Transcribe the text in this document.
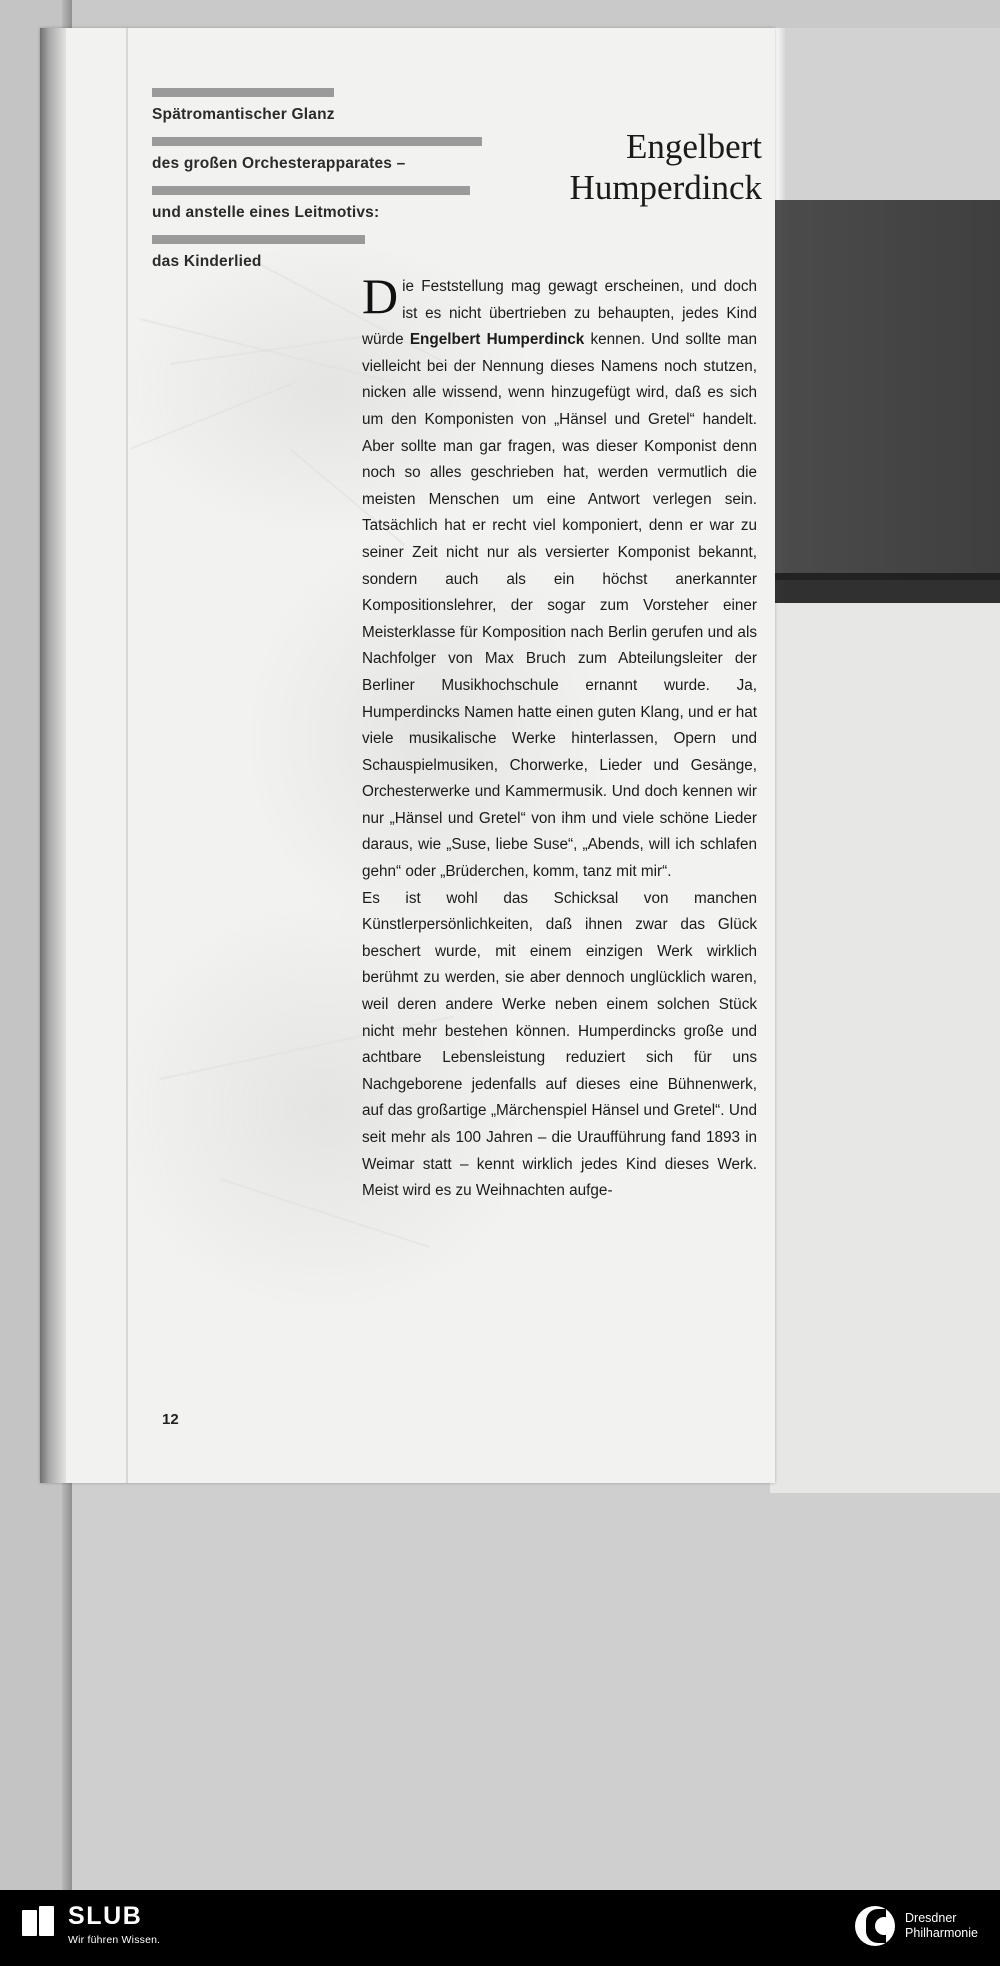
Spätromantischer Glanz
des großen Orchesterapparates –
und anstelle eines Leitmotivs:
das Kinderlied
Engelbert
Humperdinck

Die Feststellung mag gewagt erscheinen, und doch ist es nicht übertrieben zu behaupten, jedes Kind würde Engelbert Humperdinck kennen. Und sollte man vielleicht bei der Nennung dieses Namens noch stutzen, nicken alle wissend, wenn hinzugefügt wird, daß es sich um den Komponisten von „Hänsel und Gretel“ handelt. Aber sollte man gar fragen, was dieser Komponist denn noch so alles geschrieben hat, werden vermutlich die meisten Menschen um eine Antwort verlegen sein. Tatsächlich hat er recht viel komponiert, denn er war zu seiner Zeit nicht nur als versierter Komponist bekannt, sondern auch als ein höchst anerkannter Kompositionslehrer, der sogar zum Vorsteher einer Meisterklasse für Komposition nach Berlin gerufen und als Nachfolger von Max Bruch zum Abteilungsleiter der Berliner Musikhochschule ernannt wurde. Ja, Humperdincks Namen hatte einen guten Klang, und er hat viele musikalische Werke hinterlassen, Opern und Schauspielmusiken, Chorwerke, Lieder und Gesänge, Orchesterwerke und Kammermusik. Und doch kennen wir nur „Hänsel und Gretel“ von ihm und viele schöne Lieder daraus, wie „Suse, liebe Suse“, „Abends, will ich schlafen gehn“ oder „Brüderchen, komm, tanz mit mir“.

Es ist wohl das Schicksal von manchen Künstlerpersönlichkeiten, daß ihnen zwar das Glück beschert wurde, mit einem einzigen Werk wirklich berühmt zu werden, sie aber dennoch unglücklich waren, weil deren andere Werke neben einem solchen Stück nicht mehr bestehen können. Humperdincks große und achtbare Lebensleistung reduziert sich für uns Nachgeborene jedenfalls auf dieses eine Bühnenwerk, auf das großartige „Märchenspiel Hänsel und Gretel“. Und seit mehr als 100 Jahren – die Uraufführung fand 1893 in Weimar statt – kennt wirklich jedes Kind dieses Werk. Meist wird es zu Weihnachten aufge-

12
SLUB
Wir führen Wissen.
Dresdner
Philharmonie
